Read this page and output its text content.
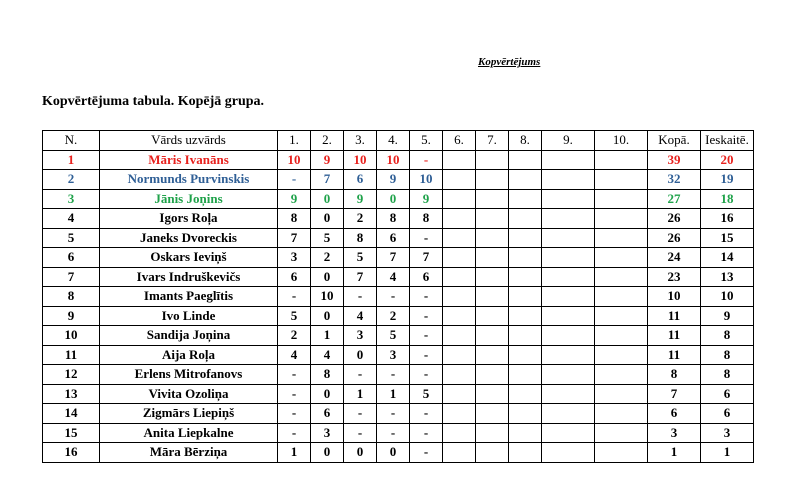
Kopvērtējums
Kopvērtējuma tabula. Kopējā grupa.
N.	Vārds uzvārds	1.	2.	3.	4.	5.	6.	7.	8.	9.	10.	Kopā.	Ieskaitē.
1	Māris Ivanāns	10	9	10	10	-						39	20
2	Normunds Purvinskis	-	7	6	9	10						32	19
3	Jānis Joņins	9	0	9	0	9						27	18
4	Igors Roļa	8	0	2	8	8						26	16
5	Janeks Dvoreckis	7	5	8	6	-						26	15
6	Oskars Ieviņš	3	2	5	7	7						24	14
7	Ivars Indruškevičs	6	0	7	4	6						23	13
8	Imants Paeglītis	-	10	-	-	-						10	10
9	Ivo Linde	5	0	4	2	-						11	9
10	Sandija Joņina	2	1	3	5	-						11	8
11	Aija Roļa	4	4	0	3	-						11	8
12	Erlens Mitrofanovs	-	8	-	-	-						8	8
13	Vivita Ozoliņa	-	0	1	1	5						7	6
14	Zigmārs Liepiņš	-	6	-	-	-						6	6
15	Anita Liepkalne	-	3	-	-	-						3	3
16	Māra Bērziņa	1	0	0	0	-						1	1
